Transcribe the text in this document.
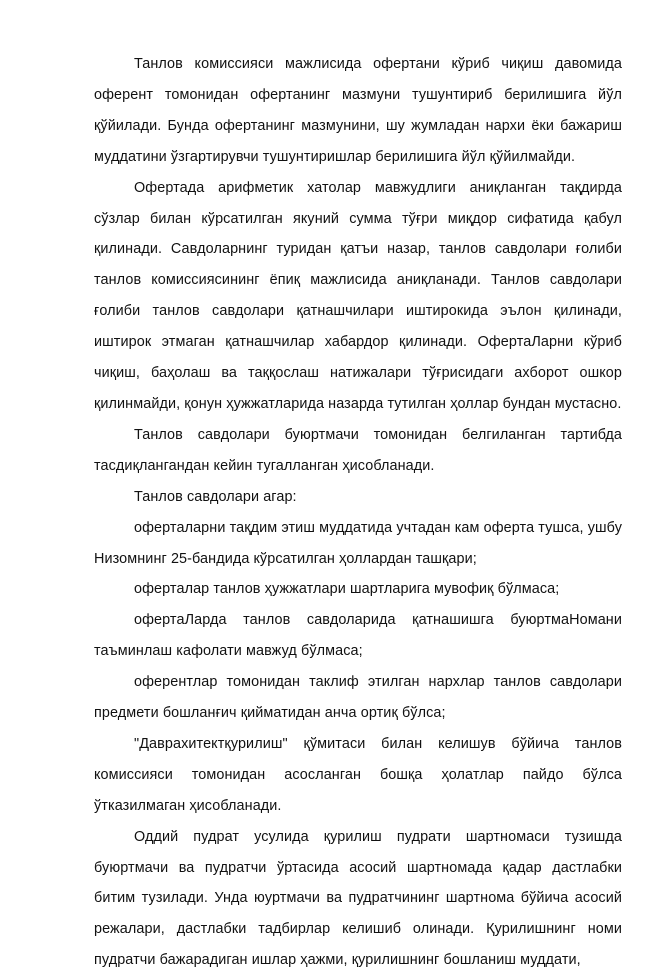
Танлов комиссияси мажлисида офертани кўриб чиқиш давомида оферент томонидан офертанинг мазмуни тушунтириб берилишига йўл қўйилади. Бунда офертанинг мазмунини, шу жумладан нархи ёки бажариш муддатини ўзгартирувчи тушунтиришлар берилишига йўл қўйилмайди.

Офертада арифметик хатолар мавжудлиги аниқланган тақдирда сўзлар билан кўрсатилган якуний сумма тўғри миқдор сифатида қабул қилинади. Савдоларнинг туридан қатъи назар, танлов савдолари ғолиби танлов комиссиясининг ёпиқ мажлисида аниқланади. Танлов савдолари ғолиби танлов савдолари қатнашчилари иштирокида эълон қилинади, иштирок этмаган қатнашчилар хабардор қилинади. ОфертаЛарни кўриб чиқиш, баҳолаш ва таққослаш натижалари тўғрисидаги ахборот ошкор қилинмайди, қонун ҳужжатларида назарда тутилган ҳоллар бундан мустасно.

Танлов савдолари буюртмачи томонидан белгиланган тартибда тасдиқлангандан кейин тугалланган ҳисобланади.

Танлов савдолари агар:

оферталарни тақдим этиш муддатида учтадан кам оферта тушса, ушбу Низомнинг 25-бандида кўрсатилган ҳоллардан ташқари;

оферталар танлов ҳужжатлари шартларига мувофиқ бўлмаса;

офертаЛарда танлов савдоларида қатнашишга буюртмаНомани таъминлаш кафолати мавжуд бўлмаса;

оферентлар томонидан таклиф этилган нархлар танлов савдолари предмети бошланғич қийматидан анча ортиқ бўлса;

"Даврахитектқурилиш" қўмитаси билан келишув бўйича танлов комиссияси томонидан асосланган бошқа ҳолатлар пайдо бўлса ўтказилмаган ҳисобланади.

Оддий пудрат усулида қурилиш пудрати шартномаси тузишда буюртмачи ва пудратчи ўртасида асосий шартномада қадар дастлабки битим тузилади. Унда юуртмачи ва пудратчининг шартнома бўйича асосий режалари, дастлабки тадбирлар келишиб олинади. Қурилишнинг номи пудратчи бажарадиган ишлар ҳажми, қурилишнинг бошланиш муддати,
